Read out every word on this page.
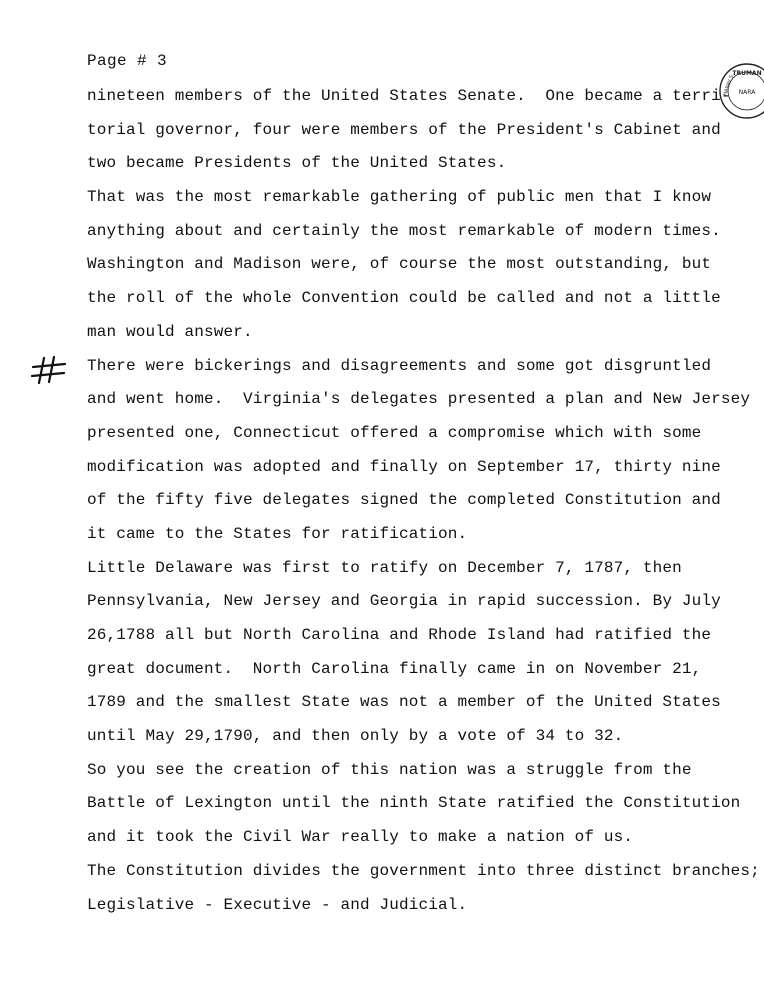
Page # 3
TRUMAN
NARA
HARRY S.
nineteen members of the United States Senate.  One became a terri-
torial governor, four were members of the President's Cabinet and
two became Presidents of the United States.
That was the most remarkable gathering of public men that I know
anything about and certainly the most remarkable of modern times.
Washington and Madison were, of course the most outstanding, but
the roll of the whole Convention could be called and not a little
man would answer.
There were bickerings and disagreements and some got disgruntled
and went home.  Virginia's delegates presented a plan and New Jersey
presented one, Connecticut offered a compromise which with some
modification was adopted and finally on September 17, thirty nine
of the fifty five delegates signed the completed Constitution and
it came to the States for ratification.
Little Delaware was first to ratify on December 7, 1787, then
Pennsylvania, New Jersey and Georgia in rapid succession. By July
26,1788 all but North Carolina and Rhode Island had ratified the
great document.  North Carolina finally came in on November 21,
1789 and the smallest State was not a member of the United States
until May 29,1790, and then only by a vote of 34 to 32.
So you see the creation of this nation was a struggle from the
Battle of Lexington until the ninth State ratified the Constitution
and it took the Civil War really to make a nation of us.
The Constitution divides the government into three distinct branches;
Legislative - Executive - and Judicial.
